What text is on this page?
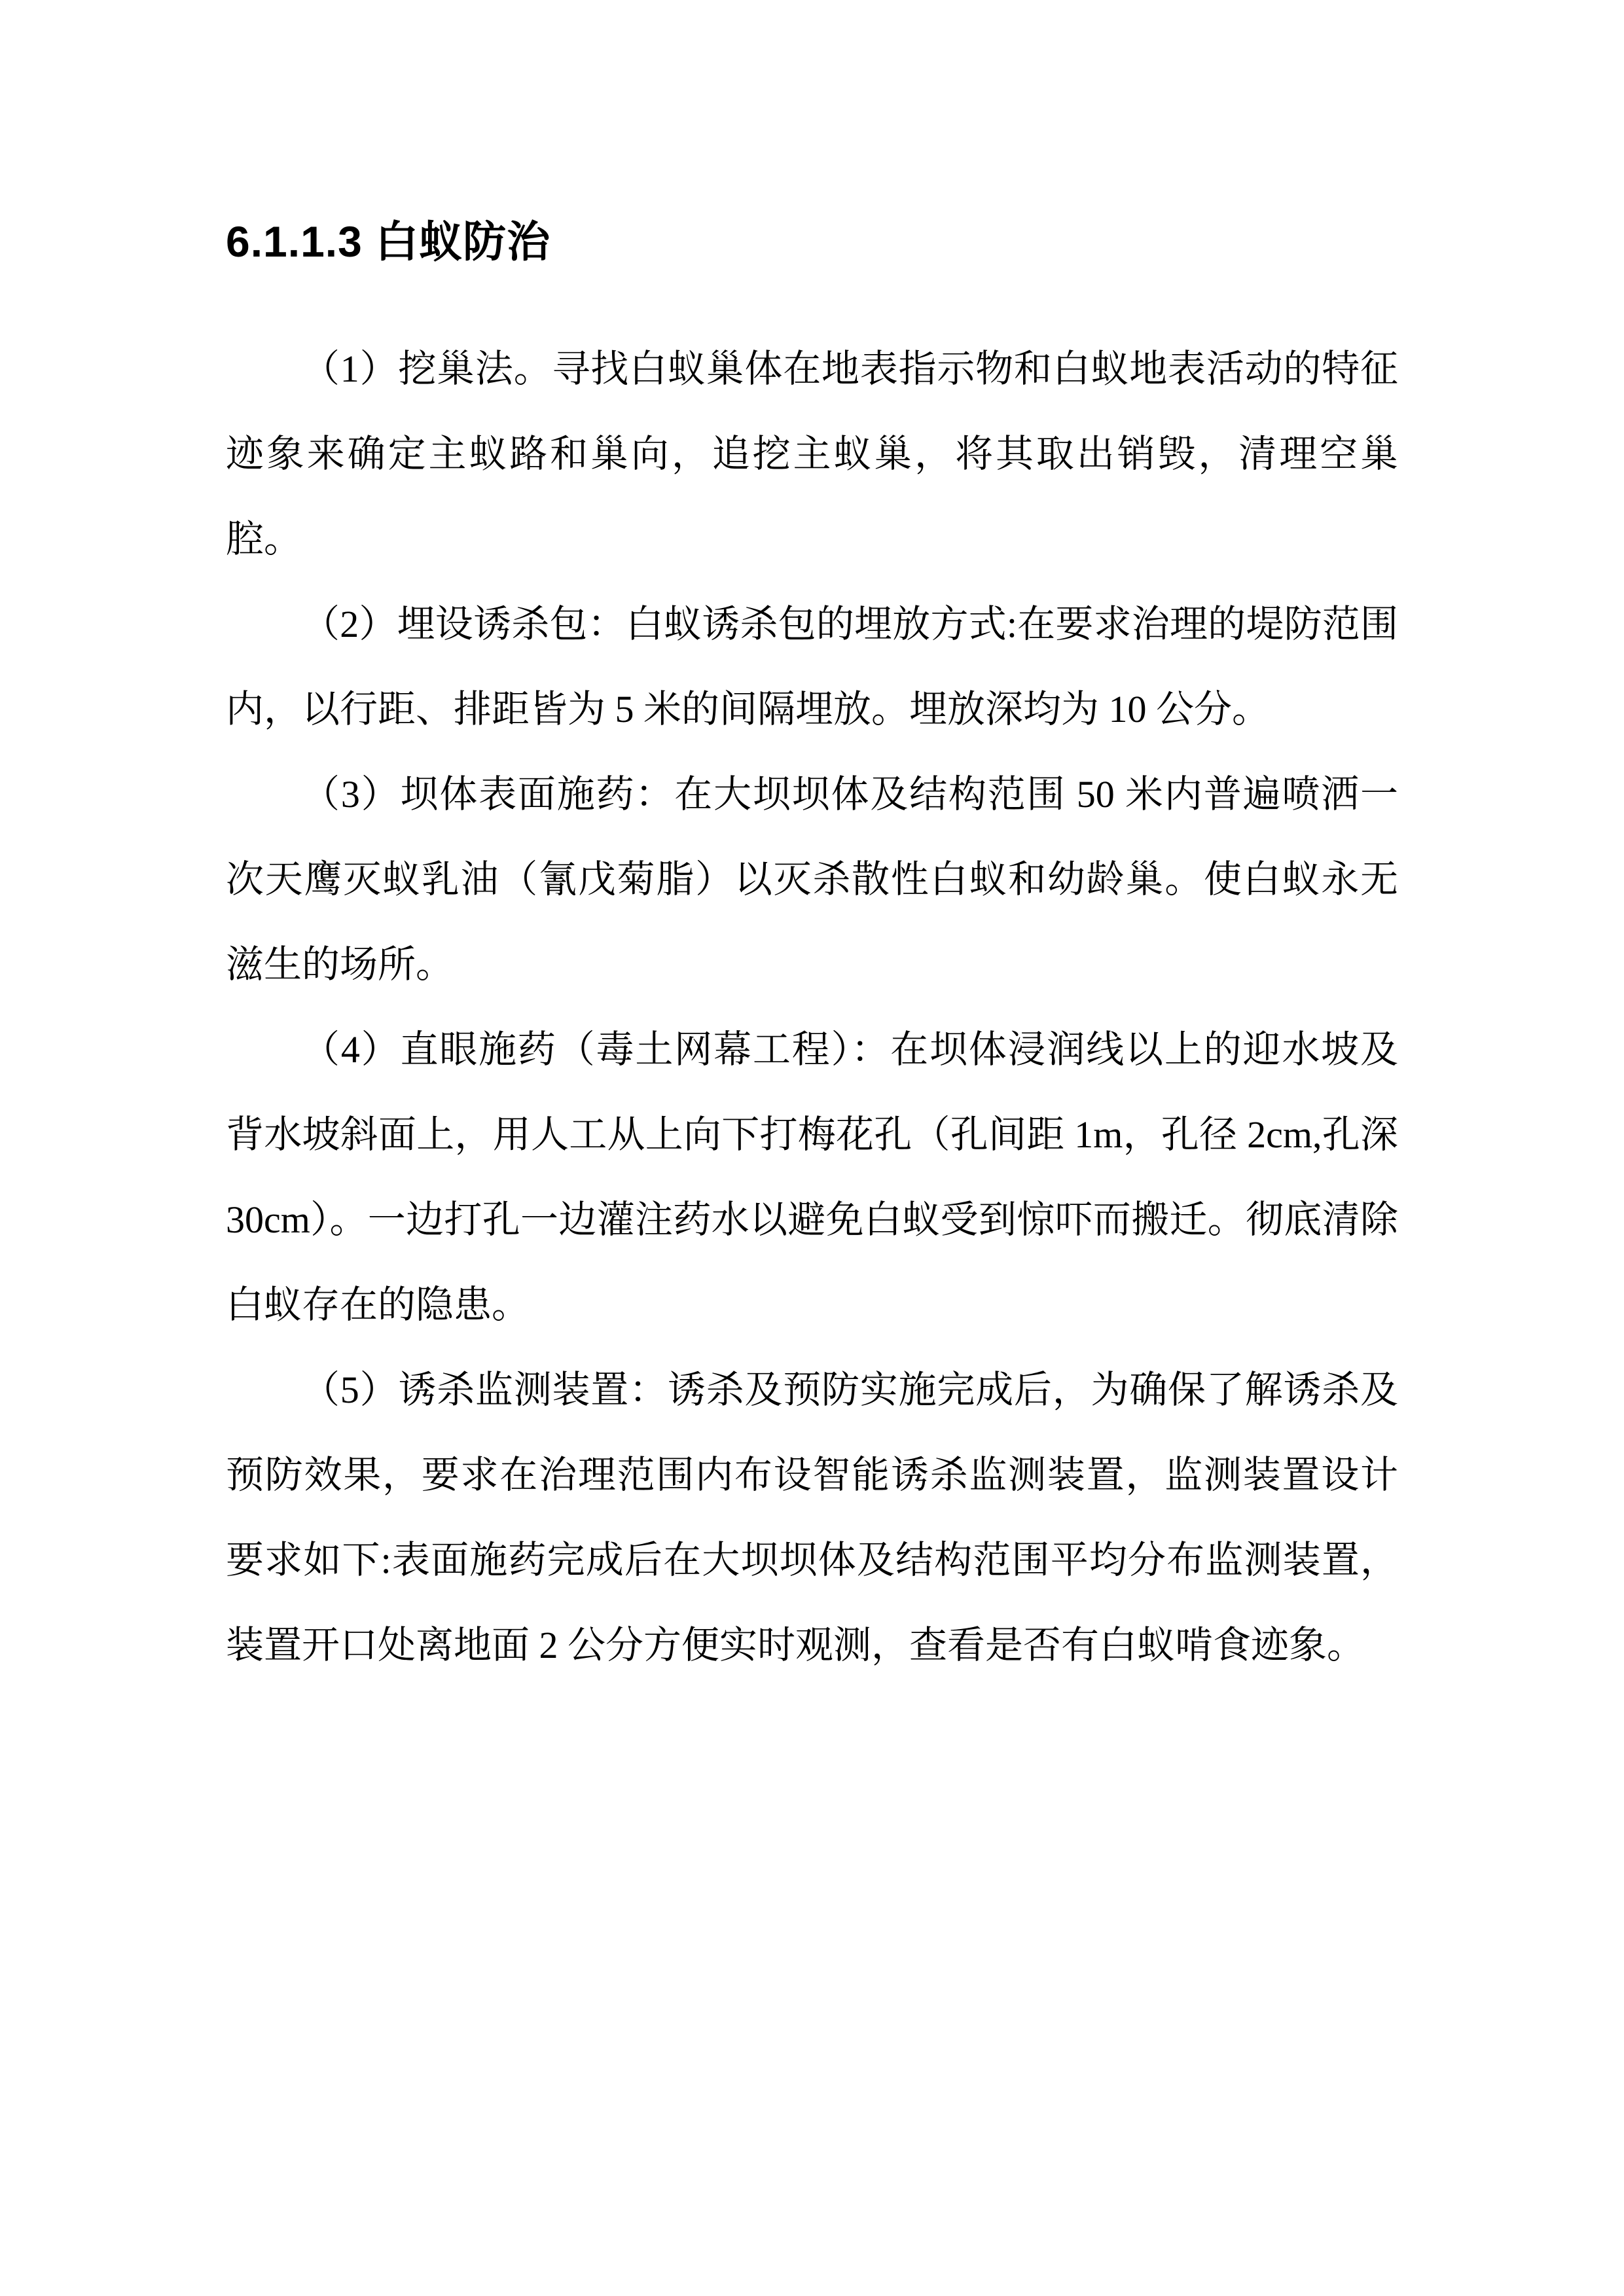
6.1.1.3 白蚁防治

（1）挖巢法。寻找白蚁巢体在地表指示物和白蚁地表活动的特征迹象来确定主蚁路和巢向，追挖主蚁巢，将其取出销毁，清理空巢腔。

（2）埋设诱杀包：白蚁诱杀包的埋放方式:在要求治理的堤防范围内，以行距、排距皆为 5 米的间隔埋放。埋放深均为 10 公分。

（3）坝体表面施药：在大坝坝体及结构范围 50 米内普遍喷洒一次天鹰灭蚁乳油（氰戊菊脂）以灭杀散性白蚁和幼龄巢。使白蚁永无滋生的场所。

（4）直眼施药（毒土网幕工程）：在坝体浸润线以上的迎水坡及背水坡斜面上，用人工从上向下打梅花孔（孔间距 1m，孔径 2cm,孔深 30cm）。一边打孔一边灌注药水以避免白蚁受到惊吓而搬迁。彻底清除白蚁存在的隐患。

（5）诱杀监测装置：诱杀及预防实施完成后，为确保了解诱杀及预防效果，要求在治理范围内布设智能诱杀监测装置，监测装置设计要求如下:表面施药完成后在大坝坝体及结构范围平均分布监测装置，装置开口处离地面 2 公分方便实时观测，查看是否有白蚁啃食迹象。
